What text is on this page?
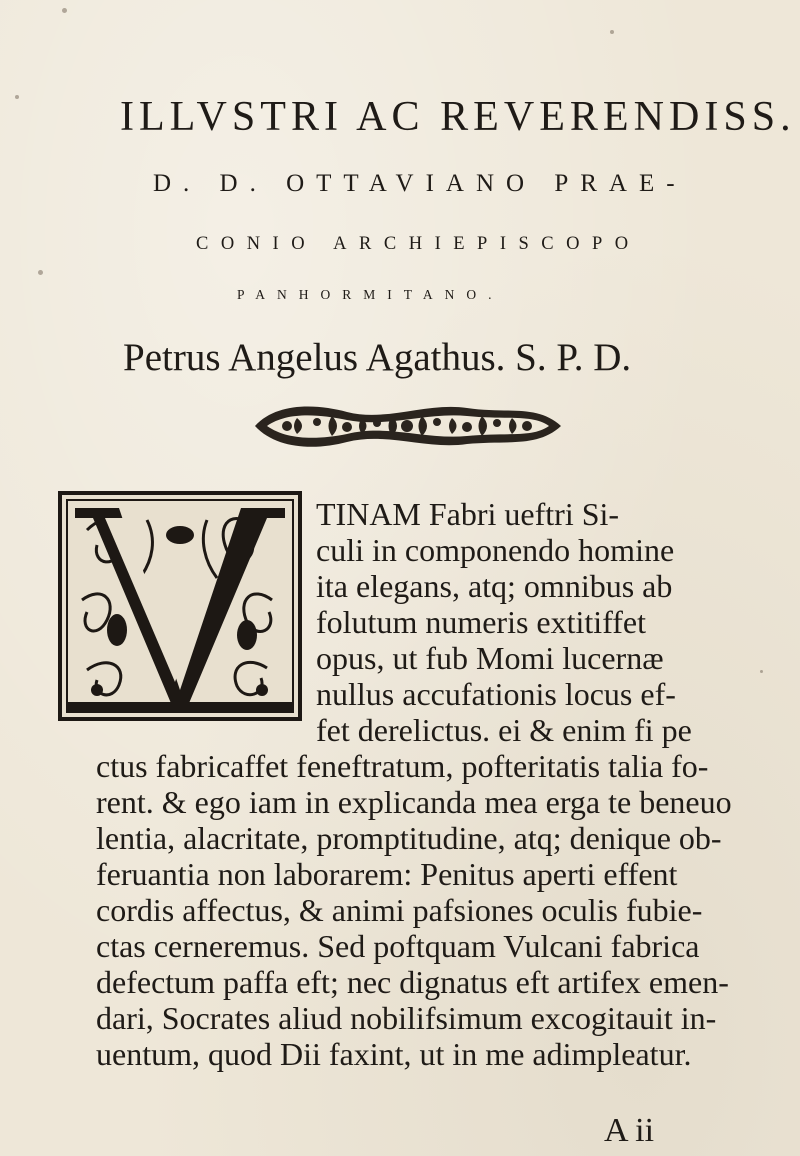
ILLVSTRI AC REVERENDISS.
D. D. OTTAVIANO PRAE-
CONIO ARCHIEPISCOPO
PANHORMITANO.
Petrus Angelus Agathus. S. P. D.
TINAM Fabri ueftri Si-
culi in componendo homine
ita elegans, atq; omnibus ab
folutum numeris extitiffet
opus, ut fub Momi lucernæ
nullus accufationis locus ef-
fet derelictus. ei & enim fi pe
ctus fabricaffet feneftratum, pofteritatis talia fo-
rent. & ego iam in explicanda mea erga te beneuo
lentia, alacritate, promptitudine, atq; denique ob-
feruantia non laborarem: Penitus aperti effent
cordis affectus, & animi pafsiones oculis fubie-
ctas cerneremus. Sed poftquam Vulcani fabrica
defectum paffa eft; nec dignatus eft artifex emen-
dari, Socrates aliud nobilifsimum excogitauit in-
uentum, quod Dii faxint, ut in me adimpleatur.
A ii
